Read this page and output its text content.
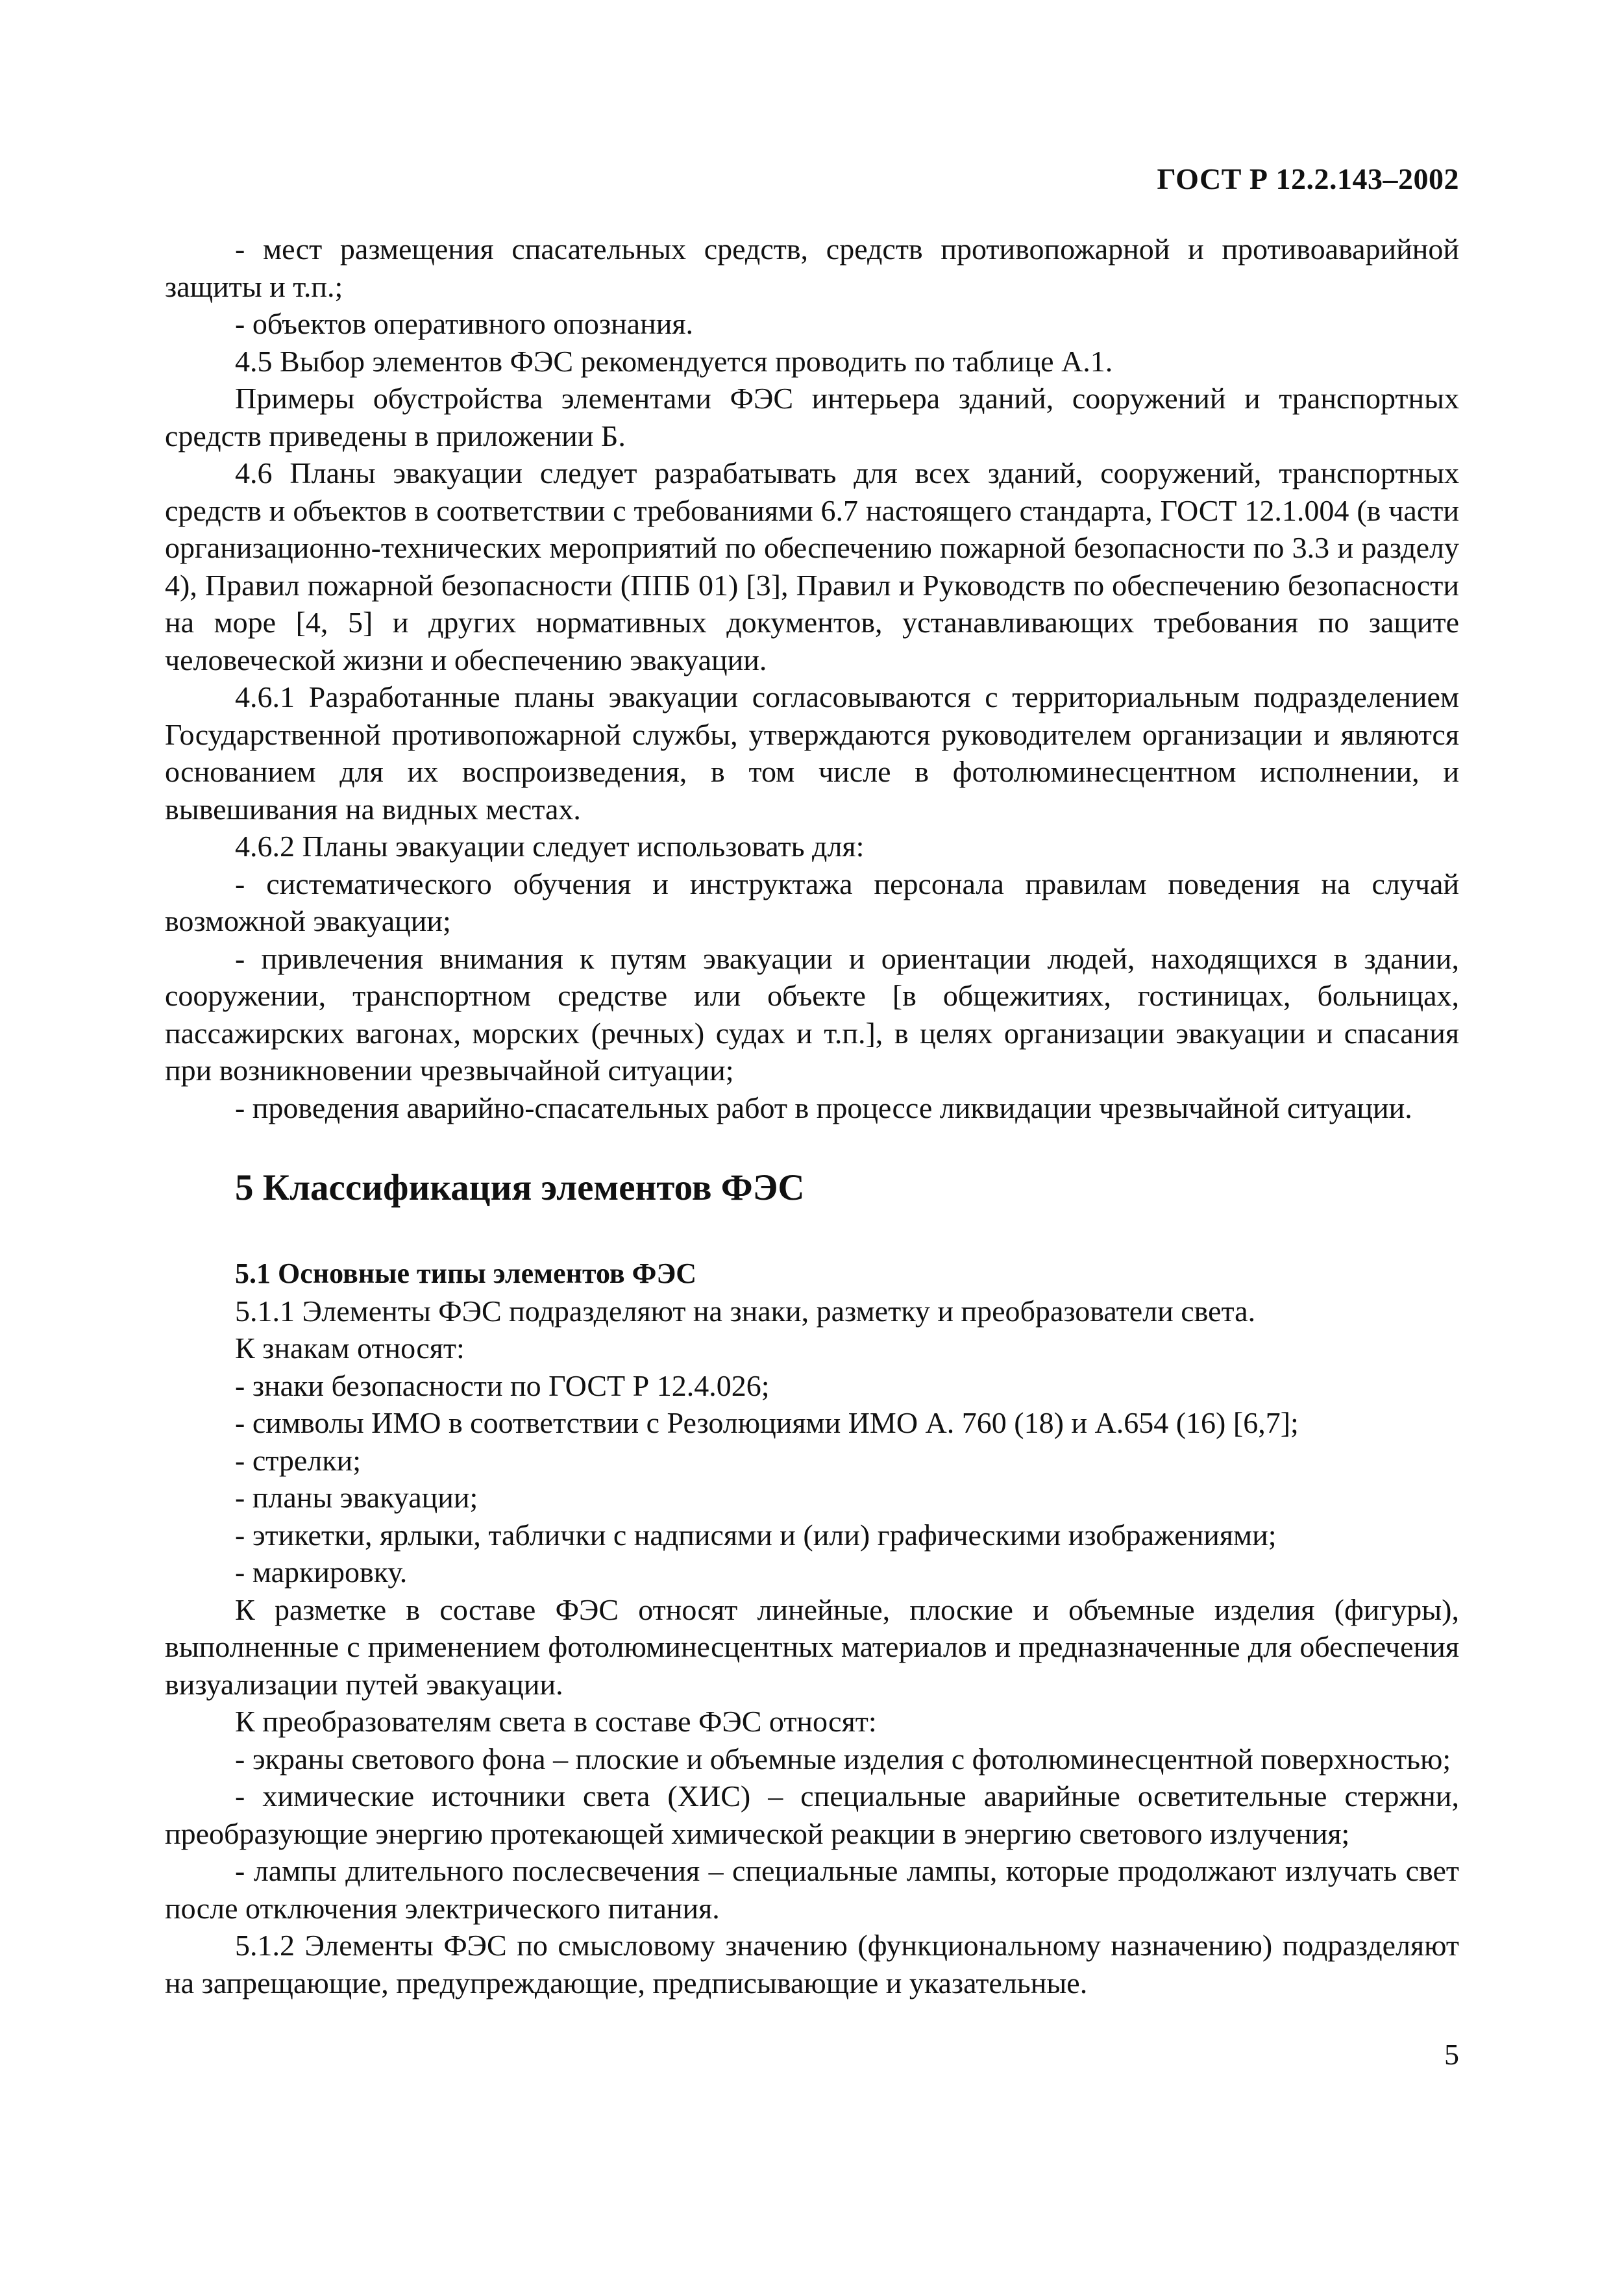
ГОСТ Р 12.2.143–2002

- мест размещения спасательных средств, средств противопожарной и противоаварийной защиты и т.п.;

- объектов оперативного опознания.

4.5 Выбор элементов ФЭС рекомендуется проводить по таблице А.1.

Примеры обустройства элементами ФЭС интерьера зданий, сооружений и транспортных средств приведены в приложении Б.

4.6 Планы эвакуации следует разрабатывать для всех зданий, сооружений, транспортных средств и объектов в соответствии с требованиями 6.7 настоящего стандарта, ГОСТ 12.1.004 (в части организационно-технических мероприятий по обеспечению пожарной безопасности по 3.3 и разделу 4), Правил пожарной безопасности (ППБ 01) [3], Правил и Руководств по обеспечению безопасности на море [4, 5] и других нормативных документов, устанавливающих требования по защите человеческой жизни и обеспечению эвакуации.

4.6.1 Разработанные планы эвакуации согласовываются с территориальным подразделением Государственной противопожарной службы, утверждаются руководителем организации и являются основанием для их воспроизведения, в том числе в фотолюминесцентном исполнении, и вывешивания на видных местах.

4.6.2 Планы эвакуации следует использовать для:

- систематического обучения и инструктажа персонала правилам поведения на случай возможной эвакуации;

- привлечения внимания к путям эвакуации и ориентации людей, находящихся в здании, сооружении, транспортном средстве или объекте [в общежитиях, гостиницах, больницах, пассажирских вагонах, морских (речных) судах и т.п.], в целях организации эвакуации и спасания при возникновении чрезвычайной ситуации;

- проведения аварийно-спасательных работ в процессе ликвидации чрезвычайной ситуации.

5 Классификация элементов ФЭС
5.1 Основные типы элементов ФЭС

5.1.1 Элементы ФЭС подразделяют на знаки, разметку и преобразователи света.

К знакам относят:

- знаки безопасности по ГОСТ Р 12.4.026;

- символы ИМО в соответствии с Резолюциями ИМО А. 760 (18) и А.654 (16) [6,7];

- стрелки;

- планы эвакуации;

- этикетки, ярлыки, таблички с надписями и (или) графическими изображениями;

- маркировку.

К разметке в составе ФЭС относят линейные, плоские и объемные изделия (фигуры), выполненные с применением фотолюминесцентных материалов и предназначенные для обеспечения визуализации путей эвакуации.

К преобразователям света в составе ФЭС относят:

- экраны светового фона – плоские и объемные изделия с фотолюминесцентной поверхностью;

- химические источники света (ХИС) – специальные аварийные осветительные стержни, преобразующие энергию протекающей химической реакции в энергию светового излучения;

- лампы длительного послесвечения – специальные лампы, которые продолжают излучать свет после отключения электрического питания.

5.1.2 Элементы ФЭС по смысловому значению (функциональному назначению) подразделяют на запрещающие, предупреждающие, предписывающие и указательные.

5
